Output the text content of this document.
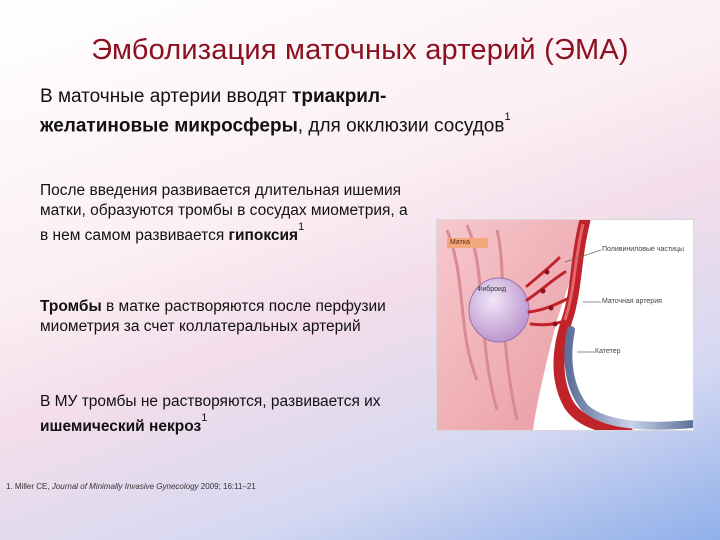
Эмболизация маточных артерий (ЭМА)
В маточные артерии вводят триакрил-
желатиновые микросферы, для окклюзии сосудов$^1$
После введения развивается длительная ишемия матки, образуются тромбы в сосудах миометрия, а в нем самом развивается гипоксия$^1$
Тромбы в матке растворяются после перфузии миометрия за счет коллатеральных артерий
В МУ тромбы не растворяются, развивается их ишемический некроз$^1$
Матка
Фиброид
Поливиниловые частицы
Маточная артерия
Катетер
1. Miller CE, Journal of Minimally Invasive Gynecology 2009; 16:11–21
